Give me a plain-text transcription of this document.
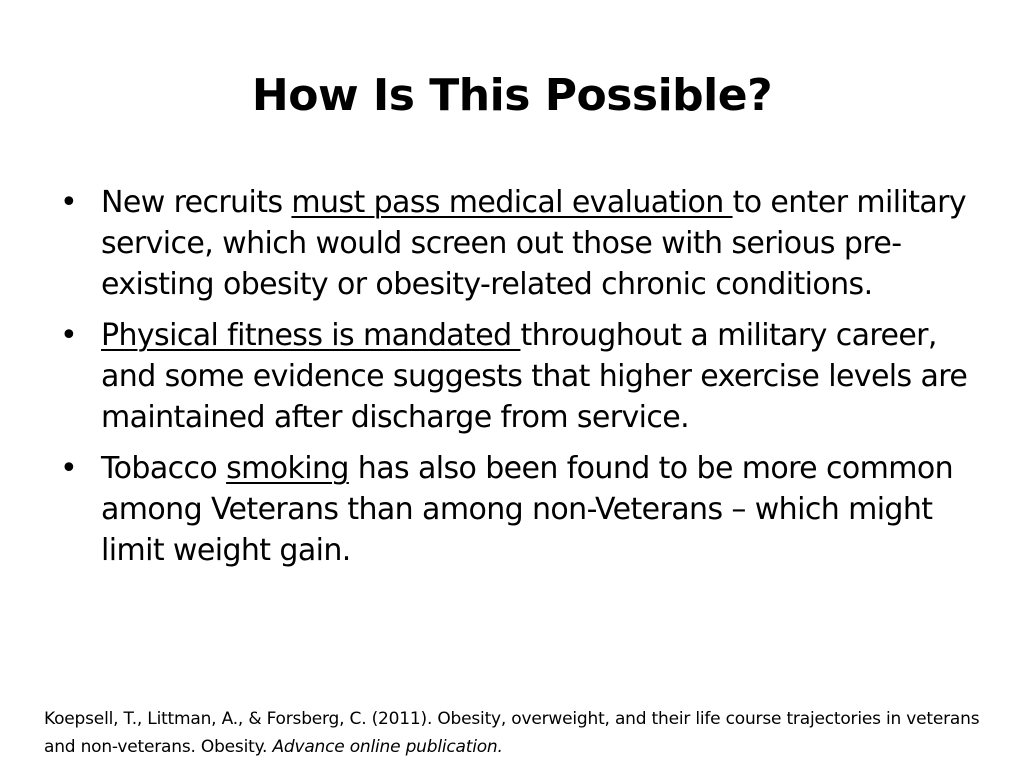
How Is This Possible?
• New recruits must pass medical evaluation to enter military service, which would screen out those with serious pre-existing obesity or obesity-related chronic conditions.
• Physical fitness is mandated throughout a military career, and some evidence suggests that higher exercise levels are maintained after discharge from service.
• Tobacco smoking has also been found to be more common among Veterans than among non-Veterans – which might limit weight gain.

Koepsell, T., Littman, A., & Forsberg, C. (2011). Obesity, overweight, and their life course trajectories in veterans and non-veterans. Obesity. Advance online publication.
